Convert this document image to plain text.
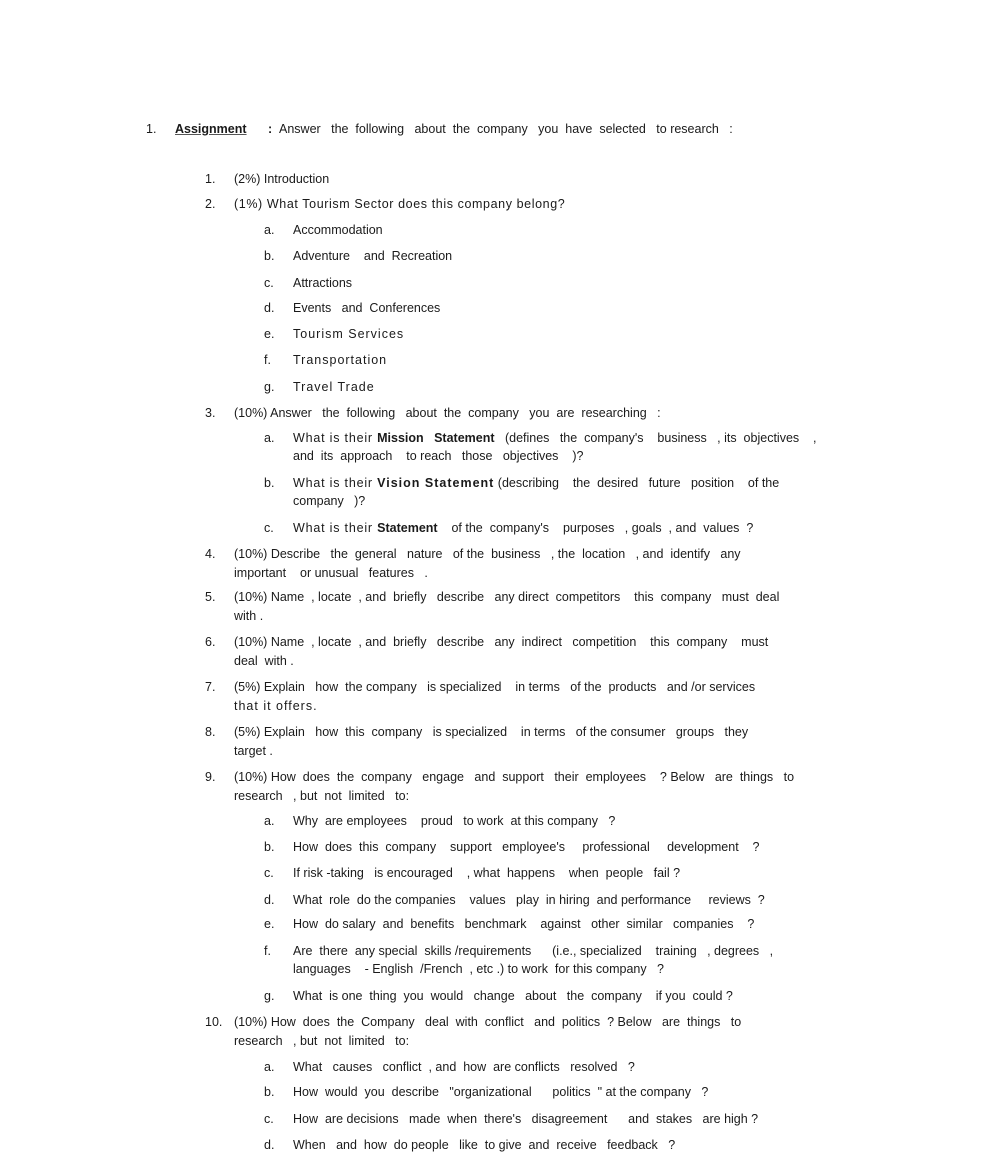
1. Assignment : Answer   the  following   about  the  company   you  have  selected   to research   :
1. (2%) Introduction
2. (1%) What Tourism Sector does this company belong?
a. Accommodation
b. Adventure    and  Recreation
c. Attractions
d. Events   and  Conferences
e. Tourism Services
f. Transportation
g. Travel Trade
3. (10%) Answer   the  following   about  the  company   you  are  researching   :
a. What is their Mission   Statement   (defines   the  company's    business   , its  objectives    ,
and  its  approach    to reach   those   objectives    )?
b. What is their Vision Statement (describing    the  desired   future   position    of the
company   )?
c. What is their Statement    of the  company's    purposes   , goals  , and  values  ?
4. (10%) Describe   the  general   nature   of the  business   , the  location   , and  identify   any
important    or unusual   features   .
5. (10%) Name  , locate  , and  briefly   describe   any direct  competitors    this  company   must  deal
with .
6. (10%) Name  , locate  , and  briefly   describe   any  indirect   competition    this  company    must
deal  with .
7. (5%) Explain   how  the company   is specialized    in terms   of the  products   and /or services
that it offers.
8. (5%) Explain   how  this  company   is specialized    in terms   of the consumer   groups   they
target .
9. (10%) How  does  the  company   engage   and  support   their  employees    ? Below   are  things   to
research   , but  not  limited   to:
a. Why  are employees    proud   to work  at this company   ?
b. How  does  this  company    support   employee's     professional     development    ?
c. If risk -taking   is encouraged    , what  happens    when  people   fail ?
d. What  role  do the companies    values   play  in hiring  and performance     reviews  ?
e. How  do salary  and  benefits   benchmark    against   other  similar   companies    ?
f. Are  there  any special  skills /requirements      (i.e., specialized    training   , degrees   ,
languages    - English  /French  , etc .) to work  for this company   ?
g. What  is one  thing  you  would   change   about   the  company    if you  could ?
10. (10%) How  does  the  Company   deal  with  conflict   and  politics  ? Below   are  things   to
research   , but  not  limited   to:
a. What   causes   conflict  , and  how  are conflicts   resolved   ?
b. How  would  you  describe   "organizational      politics  " at the company   ?
c. How  are decisions   made  when  there's   disagreement      and  stakes   are high ?
d. When   and  how  do people   like  to give  and  receive   feedback   ?
